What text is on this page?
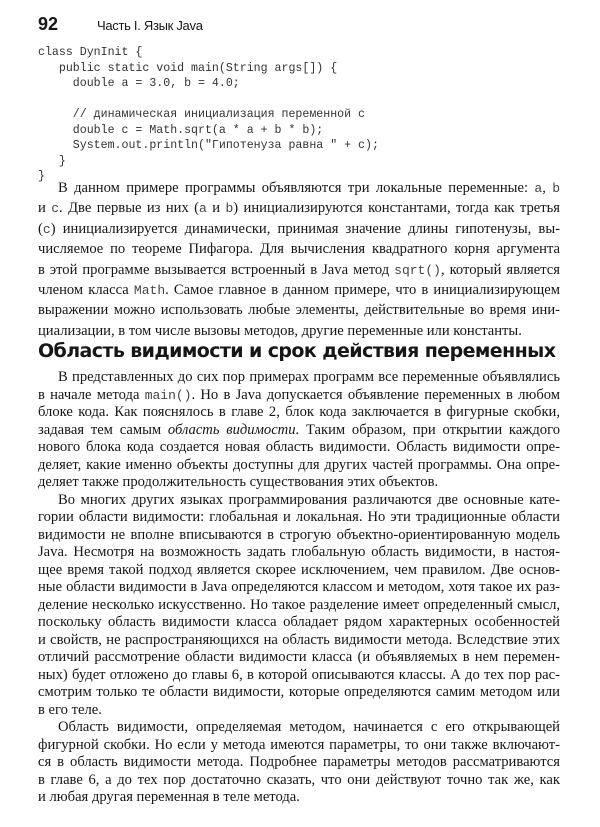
92	Часть I. Язык Java
class DynInit {
public static void main(String args[]) {
double a = 3.0, b = 4.0;
// динамическая инициализация переменной c
double c = Math.sqrt(a * a + b * b);
System.out.println("Гипотенуза равна " + c);
}
}
В данном примере программы объявляются три локальные переменные: a, b
и c. Две первые из них (a и b) инициализируются константами, тогда как третья
(c) инициализируется динамически, принимая значение длины гипотенузы, вы-
числяемое по теореме Пифагора. Для вычисления квадратного корня аргумента
в этой программе вызывается встроенный в Java метод sqrt(), который является
членом класса Math. Самое главное в данном примере, что в инициализирующем
выражении можно использовать любые элементы, действительные во время ини-
циализации, в том числе вызовы методов, другие переменные или константы.
Область видимости и срок действия переменных
В представленных до сих пор примерах программ все переменные объявлялись
в начале метода main(). Но в Java допускается объявление переменных в любом
блоке кода. Как пояснялось в главе 2, блок кода заключается в фигурные скобки,
задавая тем самым область видимости. Таким образом, при открытии каждого
нового блока кода создается новая область видимости. Область видимости опре-
деляет, какие именно объекты доступны для других частей программы. Она опре-
деляет также продолжительность существования этих объектов.
Во многих других языках программирования различаются две основные кате-
гории области видимости: глобальная и локальная. Но эти традиционные области
видимости не вполне вписываются в строгую объектно-ориентированную модель
Java. Несмотря на возможность задать глобальную область видимости, в настоя-
щее время такой подход является скорее исключением, чем правилом. Две основ-
ные области видимости в Java определяются классом и методом, хотя такое их раз-
деление несколько искусственно. Но такое разделение имеет определенный смысл,
поскольку область видимости класса обладает рядом характерных особенностей
и свойств, не распространяющихся на область видимости метода. Вследствие этих
отличий рассмотрение области видимости класса (и объявляемых в нем перемен-
ных) будет отложено до главы 6, в которой описываются классы. А до тех пор рас-
смотрим только те области видимости, которые определяются самим методом или
в его теле.
Область видимости, определяемая методом, начинается с его открывающей
фигурной скобки. Но если у метода имеются параметры, то они также включают-
ся в область видимости метода. Подробнее параметры методов рассматриваются
в главе 6, а до тех пор достаточно сказать, что они действуют точно так же, как
и любая другая переменная в теле метода.
